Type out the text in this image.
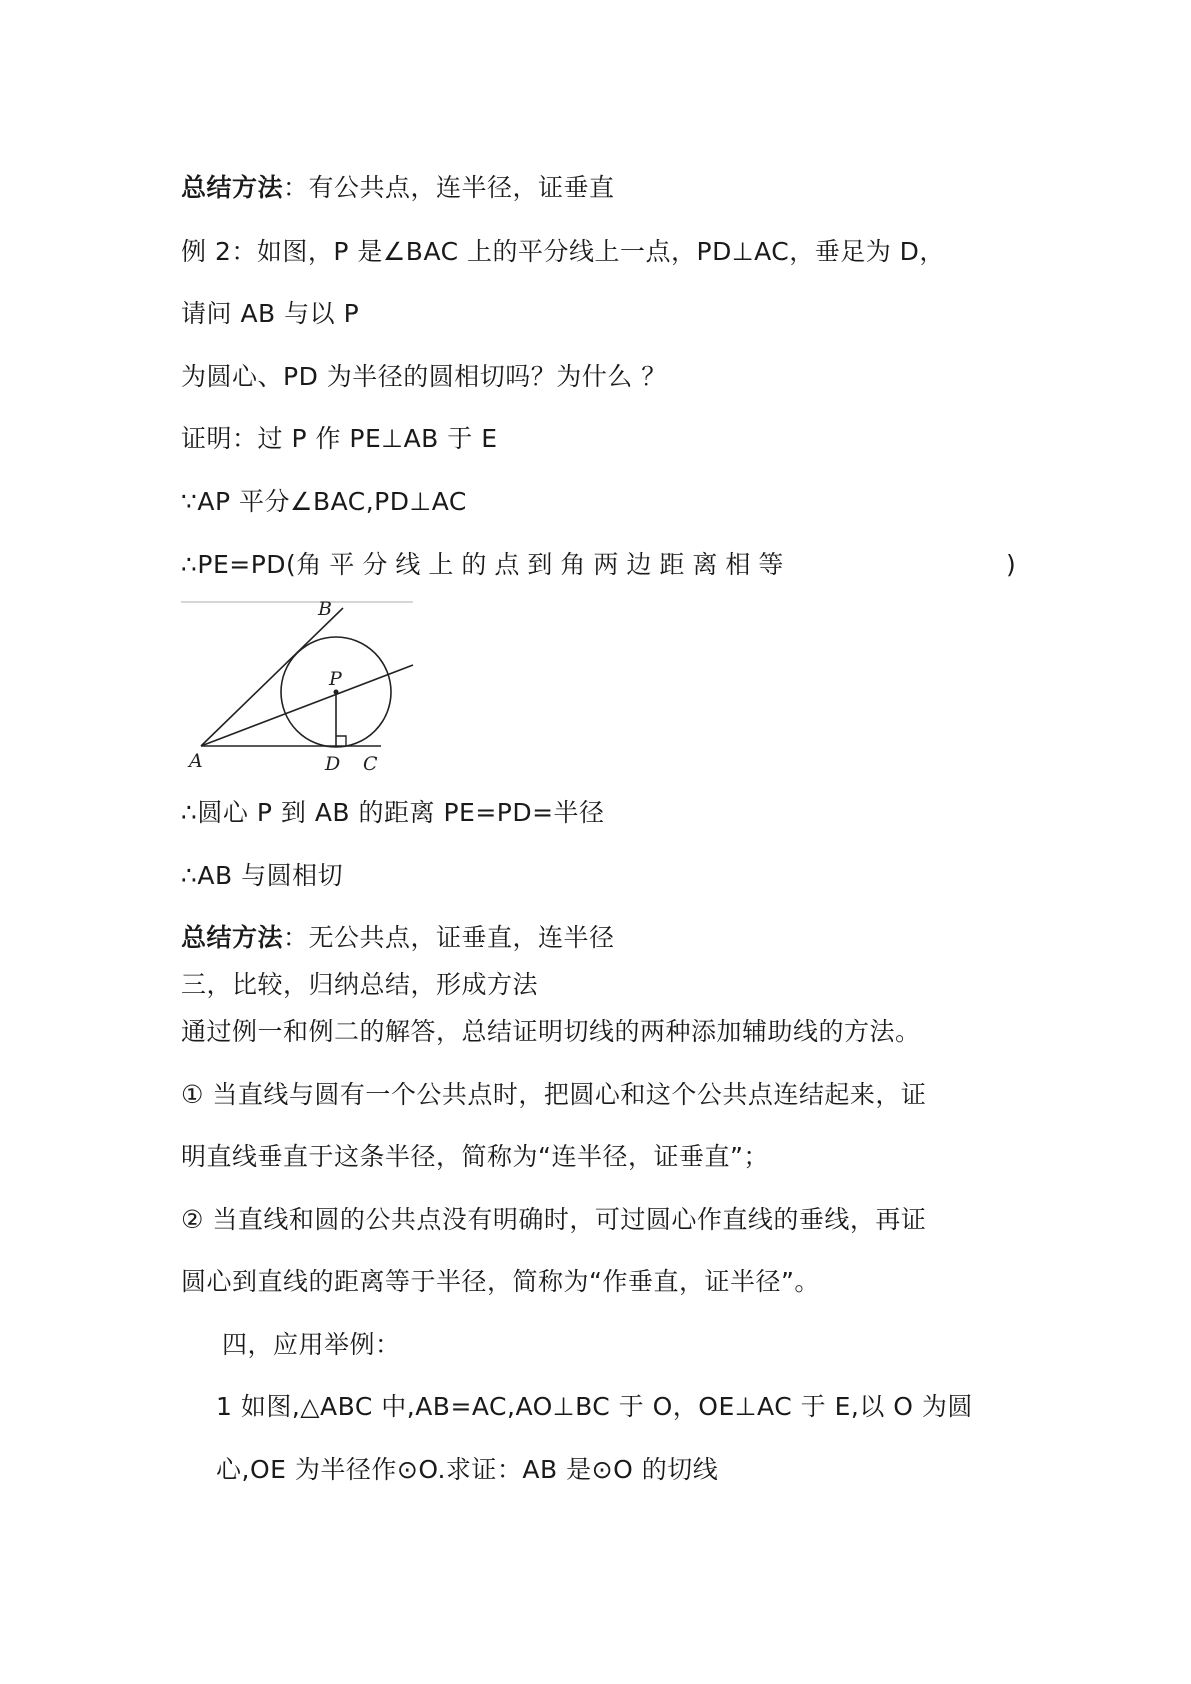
总结方法：有公共点，连半径，证垂直
例 2：如图，P 是∠BAC 上的平分线上一点，PD⊥AC，垂足为 D，
请问 AB 与以 P
为圆心、PD 为半径的圆相切吗？为什么 ？
证明：过 P 作 PE⊥AB 于 E
∵AP 平分∠BAC,PD⊥AC
∴PE=PD(角平分线上的点到角两边距离相等	)
A
B
P
D C
∴圆心 P 到 AB 的距离 PE=PD=半径
∴AB 与圆相切
总结方法：无公共点，证垂直，连半径
三，比较，归纳总结，形成方法
通过例一和例二的解答，总结证明切线的两种添加辅助线的方法。
① 当直线与圆有一个公共点时，把圆心和这个公共点连结起来，证
明直线垂直于这条半径，简称为“连半径，证垂直”；
② 当直线和圆的公共点没有明确时，可过圆心作直线的垂线，再证
圆心到直线的距离等于半径，简称为“作垂直，证半径”。
四，应用举例：
1 如图,△ABC 中,AB=AC,AO⊥BC 于 O，OE⊥AC 于 E,以 O 为圆
心,OE 为半径作⊙O.求证：AB 是⊙O 的切线
